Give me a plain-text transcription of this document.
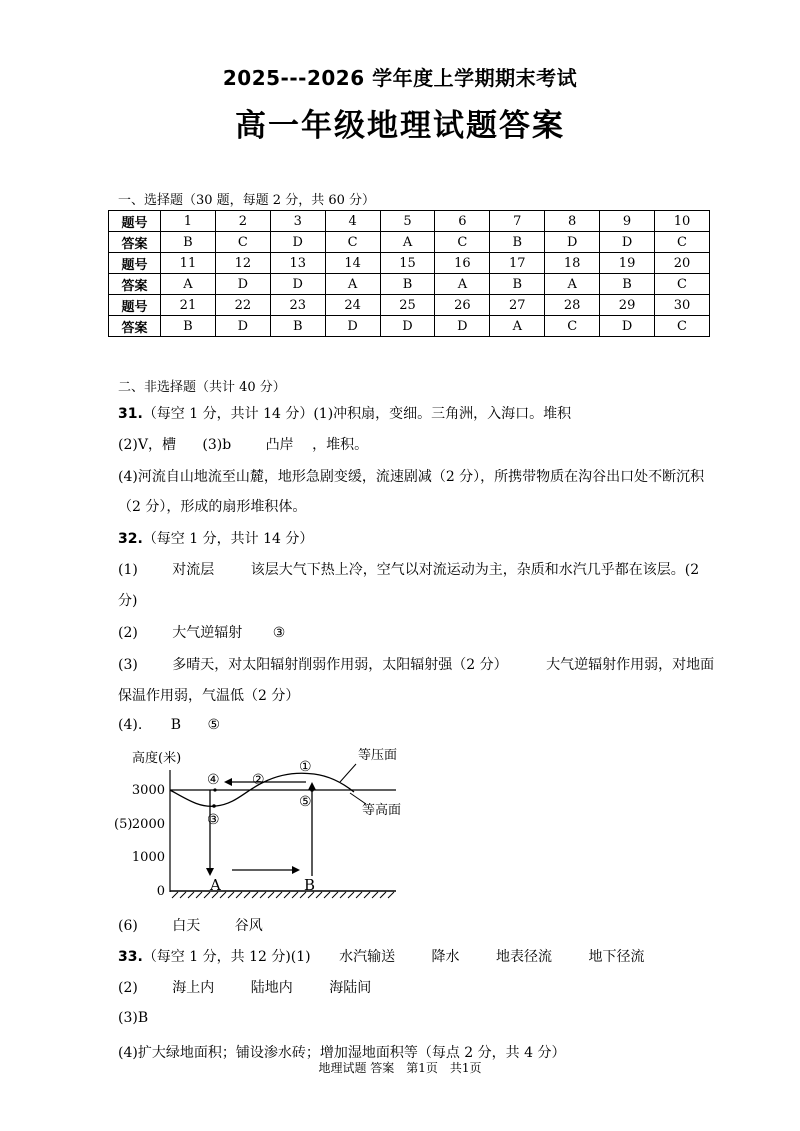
2025---2026 学年度上学期期末考试
高一年级地理试题答案
一、选择题（30 题，每题 2 分，共 60 分）
题号	1	2	3	4	5	6	7	8	9	10
答案	B	C	D	C	A	C	B	D	D	C
题号	11	12	13	14	15	16	17	18	19	20
答案	A	D	D	A	B	A	B	A	B	C
题号	21	22	23	24	25	26	27	28	29	30
答案	B	D	B	D	D	D	A	C	D	C
二、非选择题（共计 40 分）
31.（每空 1 分，共计 14 分）(1)冲积扇，变细。三角洲，入海口。堆积
(2)V，槽 (3)b 凸岸 ，堆积。
(4)河流自山地流至山麓，地形急剧变缓，流速剧减（2 分），所携带物质在沟谷出口处不断沉积
（2 分），形成的扇形堆积体。
32.（每空 1 分，共计 14 分）
(1) 对流层	该层大气下热上冷，空气以对流运动为主，杂质和水汽几乎都在该层。(2
分)
(2) 大气逆辐射 ③
(3) 多晴天，对太阳辐射削弱作用弱，太阳辐射强（2 分）	大气逆辐射作用弱，对地面
保温作用弱，气温低（2 分）
(4). B ⑤
高度(米)
3000
2000
1000
0
(5)
等压面
等高面
①
②
③
④
⑤
A	B
(6) 白天 谷风
33.（每空 1 分，共 12 分)(1) 水汽输送	降水	地表径流	地下径流
(2) 海上内	陆地内	海陆间
(3)B
(4)扩大绿地面积；铺设渗水砖；增加湿地面积等（每点 2 分，共 4 分）
地理试题 答案　第1页　共1页
